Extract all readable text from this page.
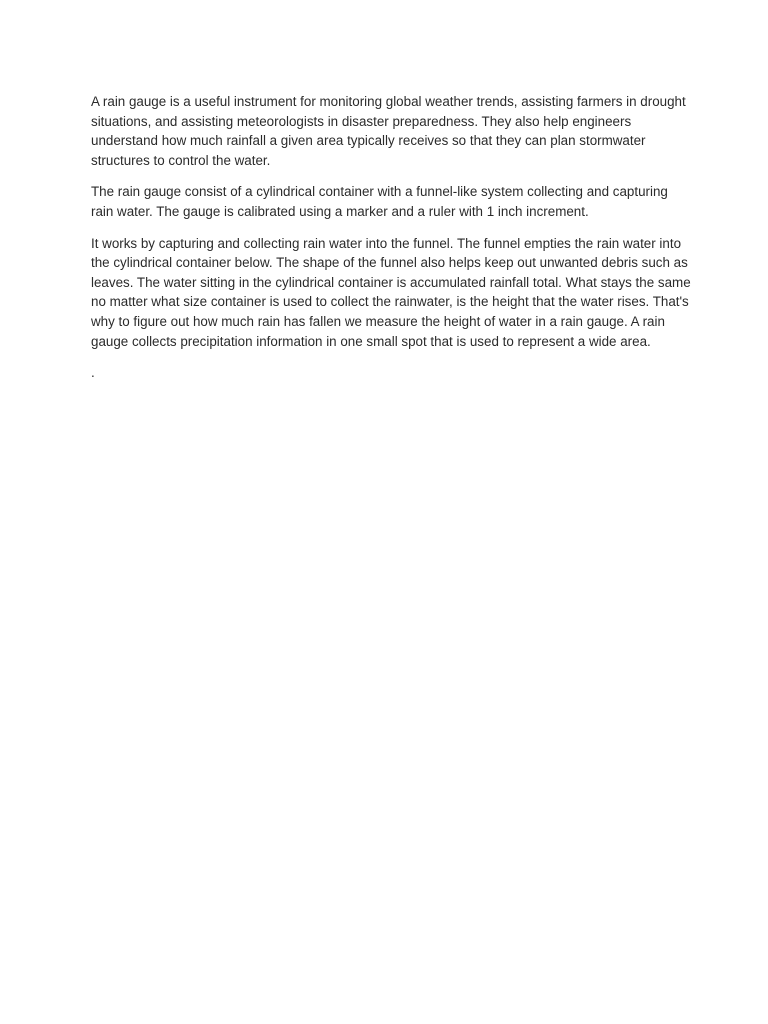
A rain gauge is a useful instrument for monitoring global weather trends, assisting farmers in drought situations, and assisting meteorologists in disaster preparedness. They also help engineers understand how much rainfall a given area typically receives so that they can plan stormwater structures to control the water.

The rain gauge consist of a cylindrical container with a funnel-like system collecting and capturing rain water. The gauge is calibrated using a marker and a ruler with 1 inch increment.

It works by capturing and collecting rain water into the funnel. The funnel empties the rain water into the cylindrical container below. The shape of the funnel also helps keep out unwanted debris such as leaves. The water sitting in the cylindrical container is accumulated rainfall total. What stays the same no matter what size container is used to collect the rainwater, is the height that the water rises. That's why to figure out how much rain has fallen we measure the height of water in a rain gauge. A rain gauge collects precipitation information in one small spot that is used to represent a wide area.

.
